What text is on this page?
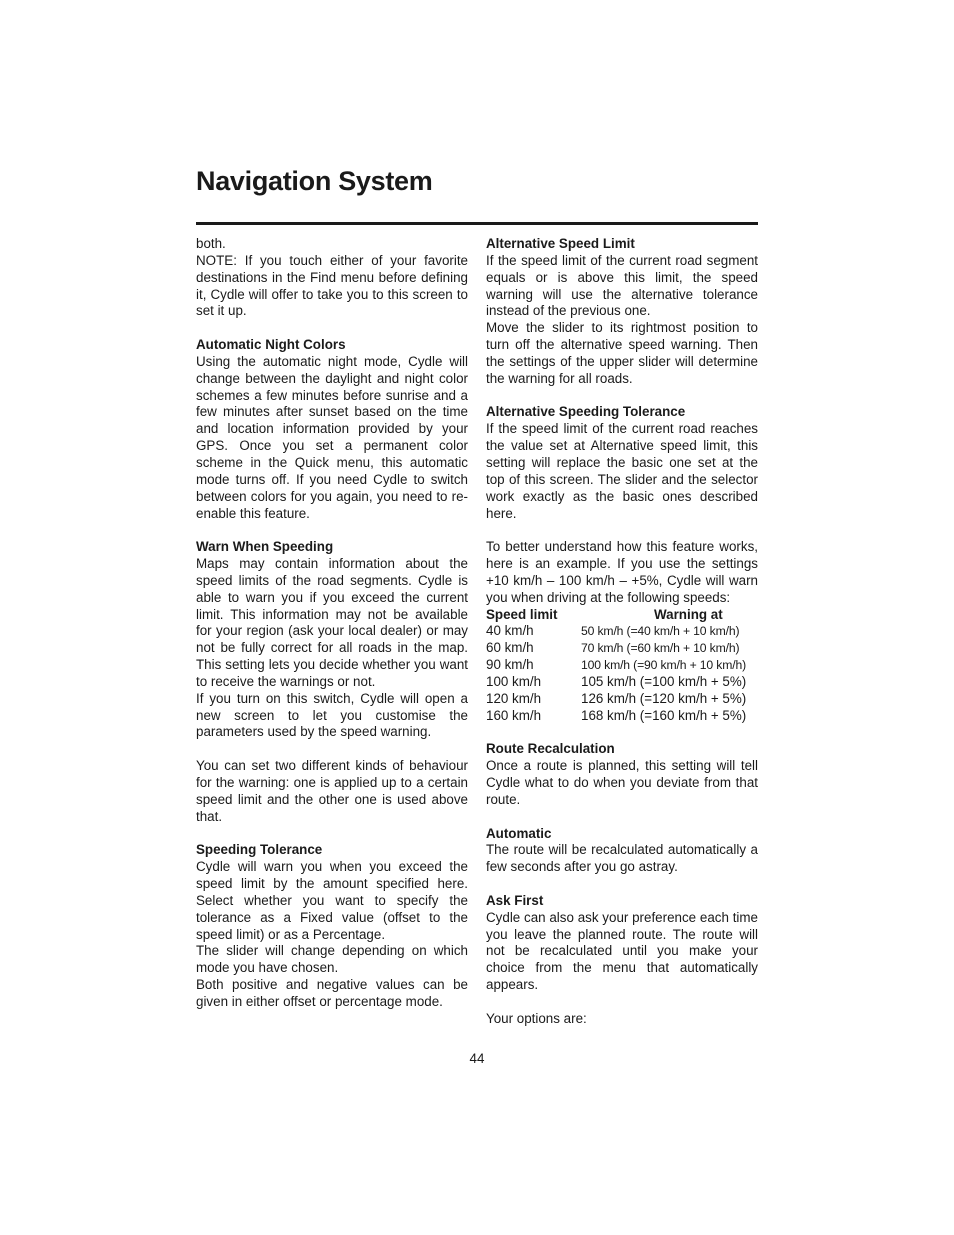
Navigation System

both.

NOTE: If you touch either of your favorite destinations in the Find menu before defining it, Cydle will offer to take you to this screen to set it up.

Automatic Night Colors

Using the automatic night mode, Cydle will change between the daylight and night color schemes a few minutes before sunrise and a few minutes after sunset based on the time and location information provided by your GPS. Once you set a permanent color scheme in the Quick menu, this automatic mode turns off. If you need Cydle to switch between colors for you again, you need to re-enable this feature.

Warn When Speeding

Maps may contain information about the speed limits of the road segments. Cydle is able to warn you if you exceed the current limit. This information may not be available for your region (ask your local dealer) or may not be fully correct for all roads in the map. This setting lets you decide whether you want to receive the warnings or not.

If you turn on this switch, Cydle will open a new screen to let you customise the parameters used by the speed warning.

You can set two different kinds of behaviour for the warning: one is applied up to a certain speed limit and the other one is used above that.

Speeding Tolerance

Cydle will warn you when you exceed the speed limit by the amount specified here. Select whether you want to specify the tolerance as a Fixed value (offset to the speed limit) or as a Percentage.

The slider will change depending on which mode you have chosen.

Both positive and negative values can be given in either offset or percentage mode.

Alternative Speed Limit

If the speed limit of the current road segment equals or is above this limit, the speed warning will use the alternative tolerance instead of the previous one.

Move the slider to its rightmost position to turn off the alternative speed warning. Then the settings of the upper slider will determine the warning for all roads.

Alternative Speeding Tolerance

If the speed limit of the current road reaches the value set at Alternative speed limit, this setting will replace the basic one set at the top of this screen. The slider and the selector work exactly as the basic ones described here.

To better understand how this feature works, here is an example. If you use the settings +10 km/h – 100 km/h – +5%, Cydle will warn you when driving at the following speeds:

Speed limit	Warning at
40 km/h	50 km/h (=40 km/h + 10 km/h)
60 km/h	70 km/h (=60 km/h + 10 km/h)
90 km/h	100 km/h (=90 km/h + 10 km/h)
100 km/h	105 km/h (=100 km/h + 5%)
120 km/h	126 km/h (=120 km/h + 5%)
160 km/h	168 km/h (=160 km/h + 5%)

Route Recalculation

Once a route is planned, this setting will tell Cydle what to do when you deviate from that route.

Automatic

The route will be recalculated automatically a few seconds after you go astray.

Ask First

Cydle can also ask your preference each time you leave the planned route. The route will not be recalculated until you make your choice from the menu that automatically appears.

Your options are:

44
